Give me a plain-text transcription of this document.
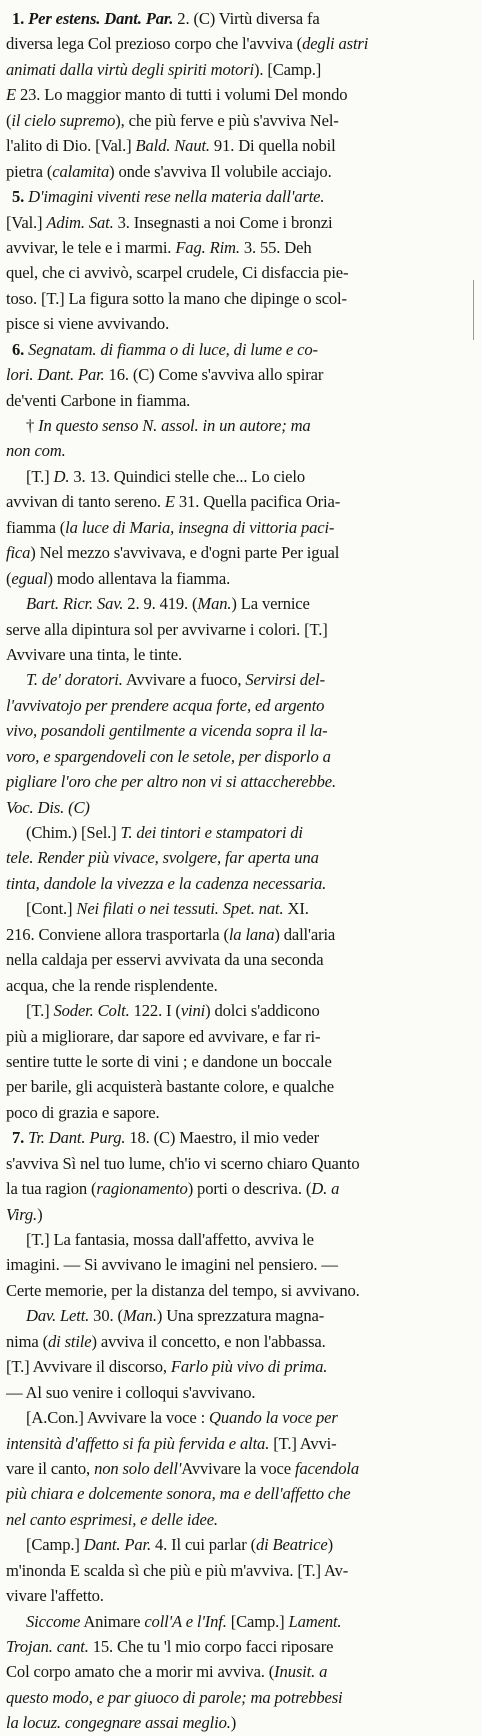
1. Per estens. Dant. Par. 2. (C) Virtù diversa fa
diversa lega Col prezioso corpo che l'avviva (degli astri
animati dalla virtù degli spiriti motori). [Camp.]
E 23. Lo maggior manto di tutti i volumi Del mondo
(il cielo supremo), che più ferve e più s'avviva Nel-
l'alito di Dio. [Val.] Bald. Naut. 91. Di quella nobil
pietra (calamita) onde s'avviva Il volubile acciajo.
5. D'imagini viventi rese nella materia dall'arte.
[Val.] Adim. Sat. 3. Insegnasti a noi Come i bronzi
avvivar, le tele e i marmi. Fag. Rim. 3. 55. Deh
quel, che ci avvivò, scarpel crudele, Ci disfaccia pie-
toso. [T.] La figura sotto la mano che dipinge o scol-
pisce si viene avvivando.
6. Segnatam. di fiamma o di luce, di lume e co-
lori. Dant. Par. 16. (C) Come s'avviva allo spirar
de'venti Carbone in fiamma.
† In questo senso N. assol. in un autore; ma
non com.
[T.] D. 3. 13. Quindici stelle che... Lo cielo
avvivan di tanto sereno. E 31. Quella pacifica Oria-
fiamma (la luce di Maria, insegna di vittoria paci-
fica) Nel mezzo s'avvivava, e d'ogni parte Per igual
(egual) modo allentava la fiamma.
Bart. Ricr. Sav. 2. 9. 419. (Man.) La vernice
serve alla dipintura sol per avvivarne i colori. [T.]
Avvivare una tinta, le tinte.
T. de' doratori. Avvivare a fuoco, Servirsi del-
l'avvivatojo per prendere acqua forte, ed argento
vivo, posandoli gentilmente a vicenda sopra il la-
voro, e spargendoveli con le setole, per disporlo a
pigliare l'oro che per altro non vi si attaccherebbe.
Voc. Dis. (C)
(Chim.) [Sel.] T. dei tintori e stampatori di
tele. Render più vivace, svolgere, far aperta una
tinta, dandole la vivezza e la cadenza necessaria.
[Cont.] Nei filati o nei tessuti. Spet. nat. XI.
216. Conviene allora trasportarla (la lana) dall'aria
nella caldaja per esservi avvivata da una seconda
acqua, che la rende risplendente.
[T.] Soder. Colt. 122. I (vini) dolci s'addicono
più a migliorare, dar sapore ed avvivare, e far ri-
sentire tutte le sorte di vini ; e dandone un boccale
per barile, gli acquisterà bastante colore, e qualche
poco di grazia e sapore.
7. Tr. Dant. Purg. 18. (C) Maestro, il mio veder
s'avviva Sì nel tuo lume, ch'io vi scerno chiaro Quanto
la tua ragion (ragionamento) porti o descriva. (D. a
Virg.)
[T.] La fantasia, mossa dall'affetto, avviva le
imagini. — Si avvivano le imagini nel pensiero. —
Certe memorie, per la distanza del tempo, si avvivano.
Dav. Lett. 30. (Man.) Una sprezzatura magna-
nima (di stile) avviva il concetto, e non l'abbassa.
[T.] Avvivare il discorso, Farlo più vivo di prima.
— Al suo venire i colloqui s'avvivano.
[A.Con.] Avvivare la voce : Quando la voce per
intensità d'affetto si fa più fervida e alta. [T.] Avvi-
vare il canto, non solo dell'Avvivare la voce facendola
più chiara e dolcemente sonora, ma e dell'affetto che
nel canto esprimesi, e delle idee.
[Camp.] Dant. Par. 4. Il cui parlar (di Beatrice)
m'inonda E scalda sì che più e più m'avviva. [T.] Av-
vivare l'affetto.
Siccome Animare coll'A e l'Inf. [Camp.] Lament.
Trojan. cant. 15. Che tu 'l mio corpo facci riposare
Col corpo amato che a morir mi avviva. (Inusit. a
questo modo, e par giuoco di parole; ma potrebbesi
la locuz. congegnare assai meglio.)
